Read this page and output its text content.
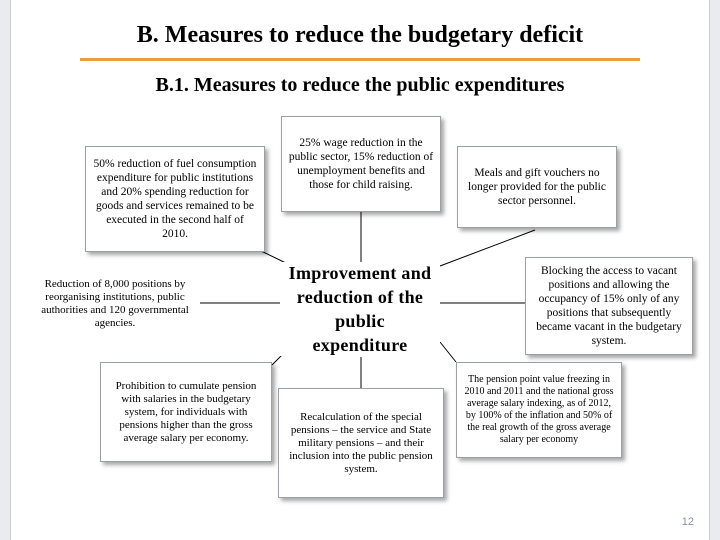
B. Measures to reduce the budgetary deficit
B.1. Measures to reduce the public expenditures
50% reduction of fuel consumption expenditure for public institutions and 20% spending reduction for goods and services remained to be executed in the second half of 2010.
25% wage reduction in the public sector, 15% reduction of unemployment benefits and those for child raising.
Meals and gift vouchers no longer provided for the public sector personnel.
Reduction of 8,000 positions by reorganising institutions, public authorities and 120 governmental agencies.
Improvement and reduction of the public expenditure
Blocking the access to vacant positions and allowing the occupancy of 15% only of any positions that subsequently became vacant in the budgetary system.
Prohibition to cumulate pension with salaries in the budgetary system, for individuals with pensions higher than the gross average salary per economy.
Recalculation of the special pensions – the service and State military pensions – and their inclusion into the public pension system.
The pension point value freezing in 2010 and 2011 and the national gross average salary indexing, as of 2012, by 100% of the inflation and 50% of the real growth of the gross average salary per economy
12
